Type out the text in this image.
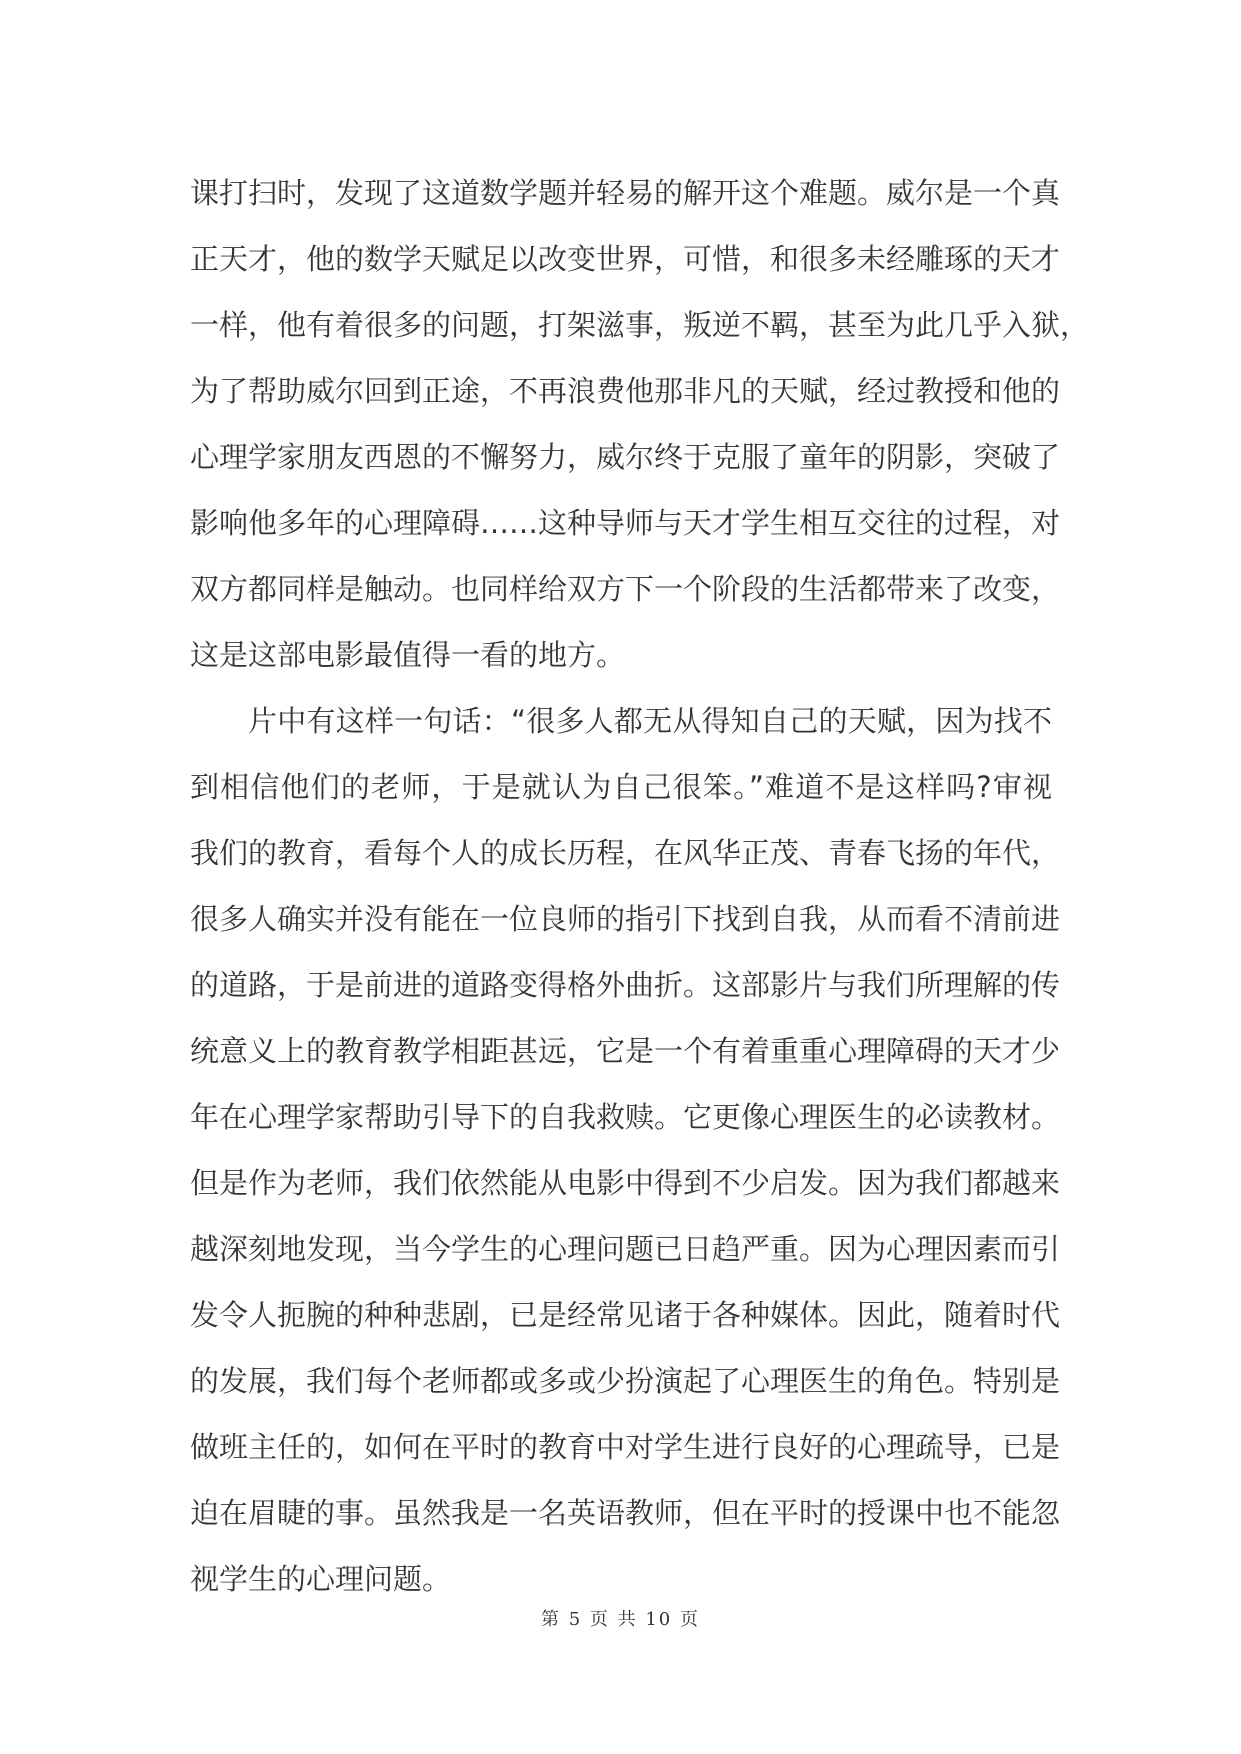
课打扫时，发现了这道数学题并轻易的解开这个难题。威尔是一个真
正天才，他的数学天赋足以改变世界，可惜，和很多未经雕琢的天才
一样，他有着很多的问题，打架滋事，叛逆不羁，甚至为此几乎入狱，
为了帮助威尔回到正途，不再浪费他那非凡的天赋，经过教授和他的
心理学家朋友西恩的不懈努力，威尔终于克服了童年的阴影，突破了
影响他多年的心理障碍……这种导师与天才学生相互交往的过程，对
双方都同样是触动。也同样给双方下一个阶段的生活都带来了改变，
这是这部电影最值得一看的地方。
片中有这样一句话：“很多人都无从得知自己的天赋，因为找不
到相信他们的老师，于是就认为自己很笨。”难道不是这样吗?审视
我们的教育，看每个人的成长历程，在风华正茂、青春飞扬的年代，
很多人确实并没有能在一位良师的指引下找到自我，从而看不清前进
的道路，于是前进的道路变得格外曲折。这部影片与我们所理解的传
统意义上的教育教学相距甚远，它是一个有着重重心理障碍的天才少
年在心理学家帮助引导下的自我救赎。它更像心理医生的必读教材。
但是作为老师，我们依然能从电影中得到不少启发。因为我们都越来
越深刻地发现，当今学生的心理问题已日趋严重。因为心理因素而引
发令人扼腕的种种悲剧，已是经常见诸于各种媒体。因此，随着时代
的发展，我们每个老师都或多或少扮演起了心理医生的角色。特别是
做班主任的，如何在平时的教育中对学生进行良好的心理疏导，已是
迫在眉睫的事。虽然我是一名英语教师，但在平时的授课中也不能忽
视学生的心理问题。
第 5 页 共 10 页
